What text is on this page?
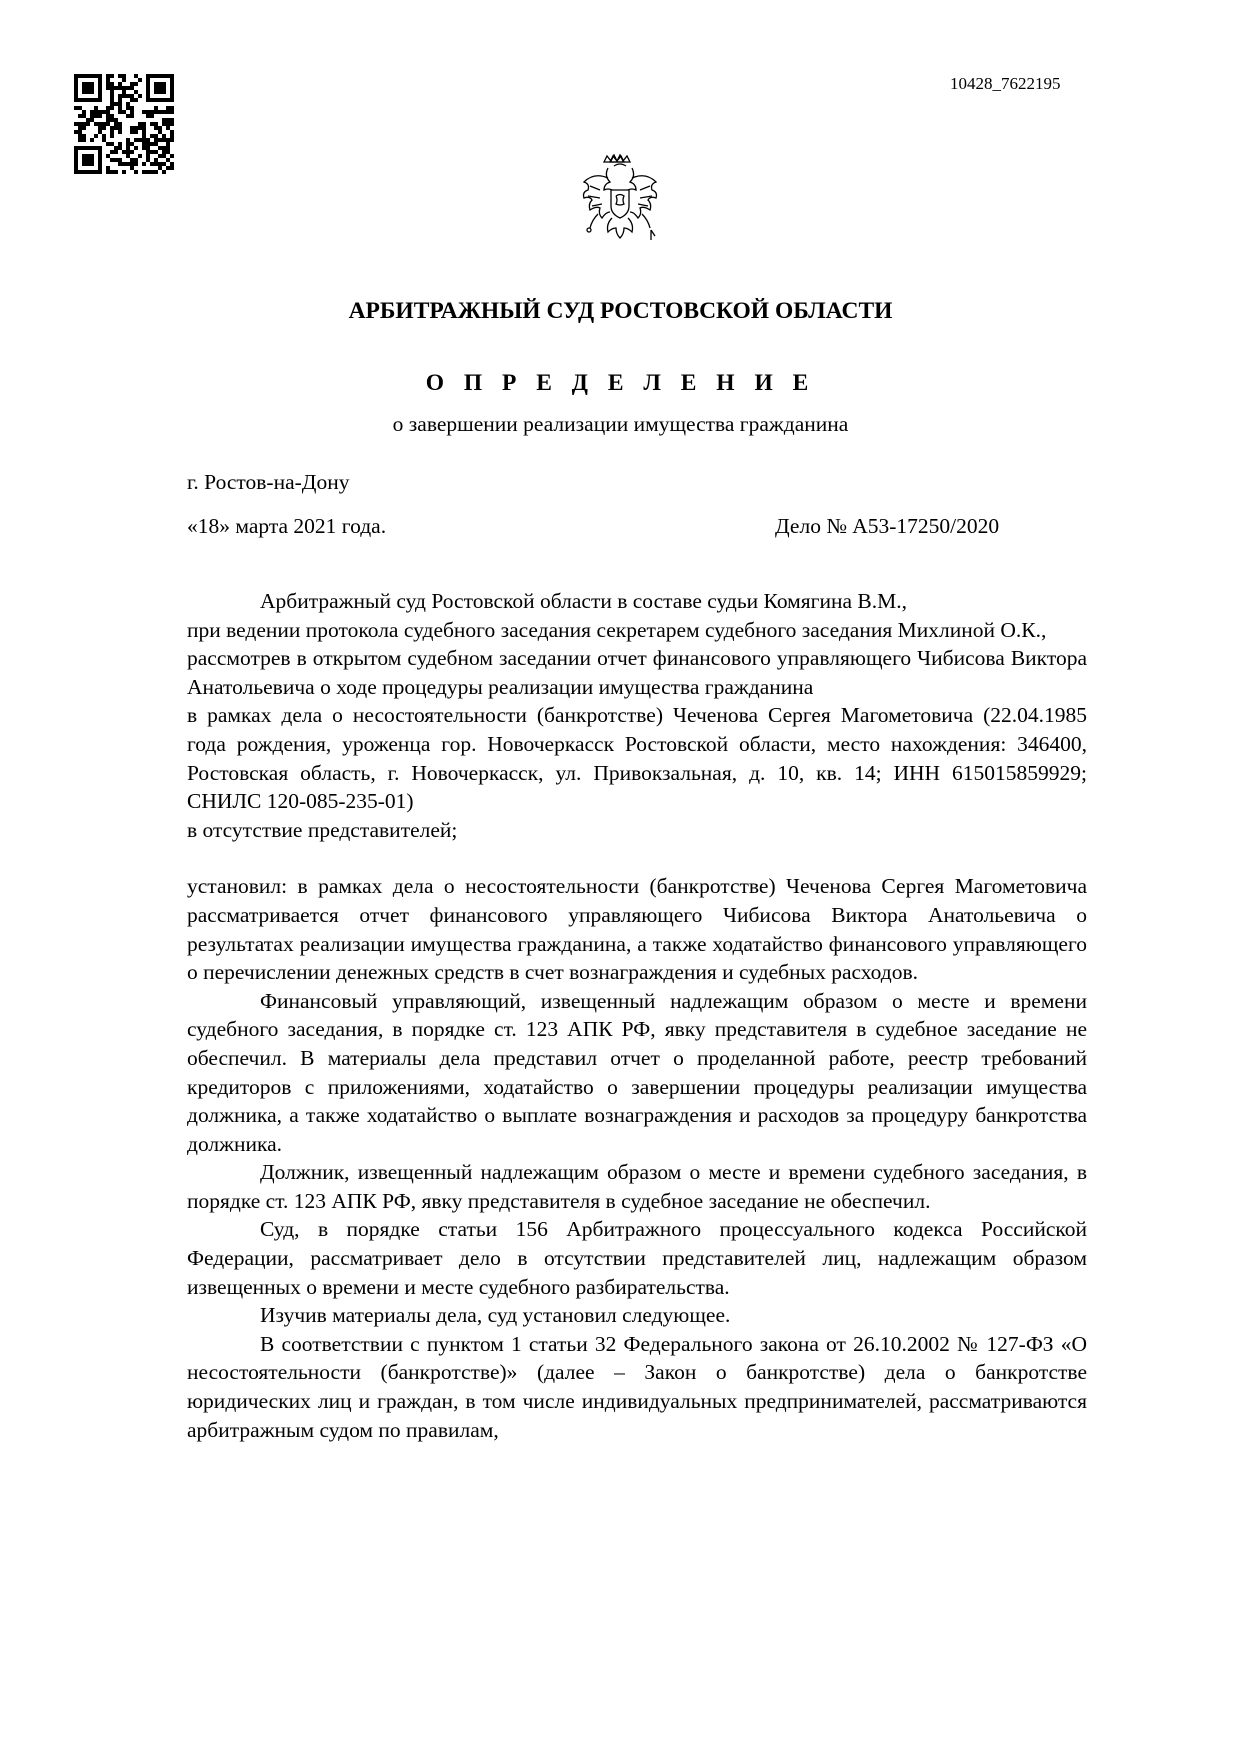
10428_7622195
АРБИТРАЖНЫЙ СУД РОСТОВСКОЙ ОБЛАСТИ
О П Р Е Д Е Л Е Н И Е
о завершении реализации имущества гражданина
г. Ростов-на-Дону
«18» марта 2021 года.	Дело № А53-17250/2020

Арбитражный суд Ростовской области в составе судьи Комягина В.М.,

при ведении протокола судебного заседания секретарем судебного заседания Михлиной О.К.,

рассмотрев в открытом судебном заседании отчет финансового управляющего Чибисова Виктора Анатольевича о ходе процедуры реализации имущества гражданина

в рамках дела о несостоятельности (банкротстве) Чеченова Сергея Магометовича (22.04.1985 года рождения, уроженца гор. Новочеркасск Ростовской области, место нахождения: 346400, Ростовская область, г. Новочеркасск, ул. Привокзальная, д. 10, кв. 14; ИНН 615015859929; СНИЛС 120-085-235-01)

в отсутствие представителей;

установил: в рамках дела о несостоятельности (банкротстве) Чеченова Сергея Магометовича рассматривается отчет финансового управляющего Чибисова Виктора Анатольевича о результатах реализации имущества гражданина, а также ходатайство финансового управляющего о перечислении денежных средств в счет вознаграждения и судебных расходов.

Финансовый управляющий, извещенный надлежащим образом о месте и времени судебного заседания, в порядке ст. 123 АПК РФ, явку представителя в судебное заседание не обеспечил. В материалы дела представил отчет о проделанной работе, реестр требований кредиторов с приложениями, ходатайство о завершении процедуры реализации имущества должника, а также ходатайство о выплате вознаграждения и расходов за процедуру банкротства должника.

Должник, извещенный надлежащим образом о месте и времени судебного заседания, в порядке ст. 123 АПК РФ, явку представителя в судебное заседание не обеспечил.

Суд, в порядке статьи 156 Арбитражного процессуального кодекса Российской Федерации, рассматривает дело в отсутствии представителей лиц, надлежащим образом извещенных о времени и месте судебного разбирательства.

Изучив материалы дела, суд установил следующее.

В соответствии с пунктом 1 статьи 32 Федерального закона от 26.10.2002 № 127-ФЗ «О несостоятельности (банкротстве)» (далее – Закон о банкротстве) дела о банкротстве юридических лиц и граждан, в том числе индивидуальных предпринимателей, рассматриваются арбитражным судом по правилам,
